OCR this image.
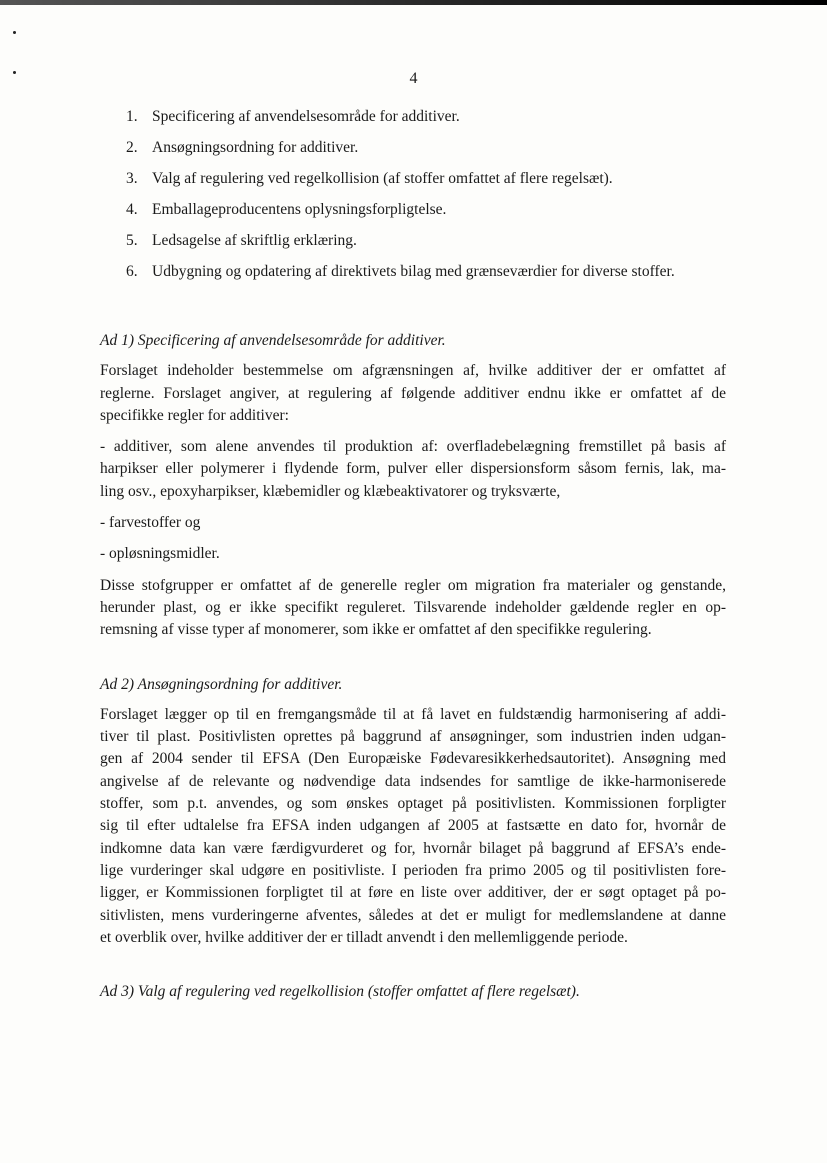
4
1. Specificering af anvendelsesområde for additiver.
2. Ansøgningsordning for additiver.
3. Valg af regulering ved regelkollision (af stoffer omfattet af flere regelsæt).
4. Emballageproducentens oplysningsforpligtelse.
5. Ledsagelse af skriftlig erklæring.
6. Udbygning og opdatering af direktivets bilag med grænseværdier for diverse stoffer.
Ad 1) Specificering af anvendelsesområde for additiver.
Forslaget indeholder bestemmelse om afgrænsningen af, hvilke additiver der er omfattet af
reglerne. Forslaget angiver, at regulering af følgende additiver endnu ikke er omfattet af de
specifikke regler for additiver:
- additiver, som alene anvendes til produktion af: overfladebelægning fremstillet på basis af
harpikser eller polymerer i flydende form, pulver eller dispersionsform såsom fernis, lak, ma-
ling osv., epoxyharpikser, klæbemidler og klæbeaktivatorer og tryksværte,
- farvestoffer og
- opløsningsmidler.
Disse stofgrupper er omfattet af de generelle regler om migration fra materialer og genstande,
herunder plast, og er ikke specifikt reguleret. Tilsvarende indeholder gældende regler en op-
remsning af visse typer af monomerer, som ikke er omfattet af den specifikke regulering.
Ad 2) Ansøgningsordning for additiver.
Forslaget lægger op til en fremgangsmåde til at få lavet en fuldstændig harmonisering af addi-
tiver til plast. Positivlisten oprettes på baggrund af ansøgninger, som industrien inden udgan-
gen af 2004 sender til EFSA (Den Europæiske Fødevaresikkerhedsautoritet). Ansøgning med
angivelse af de relevante og nødvendige data indsendes for samtlige de ikke-harmoniserede
stoffer, som p.t. anvendes, og som ønskes optaget på positivlisten. Kommissionen forpligter
sig til efter udtalelse fra EFSA inden udgangen af 2005 at fastsætte en dato for, hvornår de
indkomne data kan være færdigvurderet og for, hvornår bilaget på baggrund af EFSA’s ende-
lige vurderinger skal udgøre en positivliste. I perioden fra primo 2005 og til positivlisten fore-
ligger, er Kommissionen forpligtet til at føre en liste over additiver, der er søgt optaget på po-
sitivlisten, mens vurderingerne afventes, således at det er muligt for medlemslandene at danne
et overblik over, hvilke additiver der er tilladt anvendt i den mellemliggende periode.
Ad 3) Valg af regulering ved regelkollision (stoffer omfattet af flere regelsæt).
